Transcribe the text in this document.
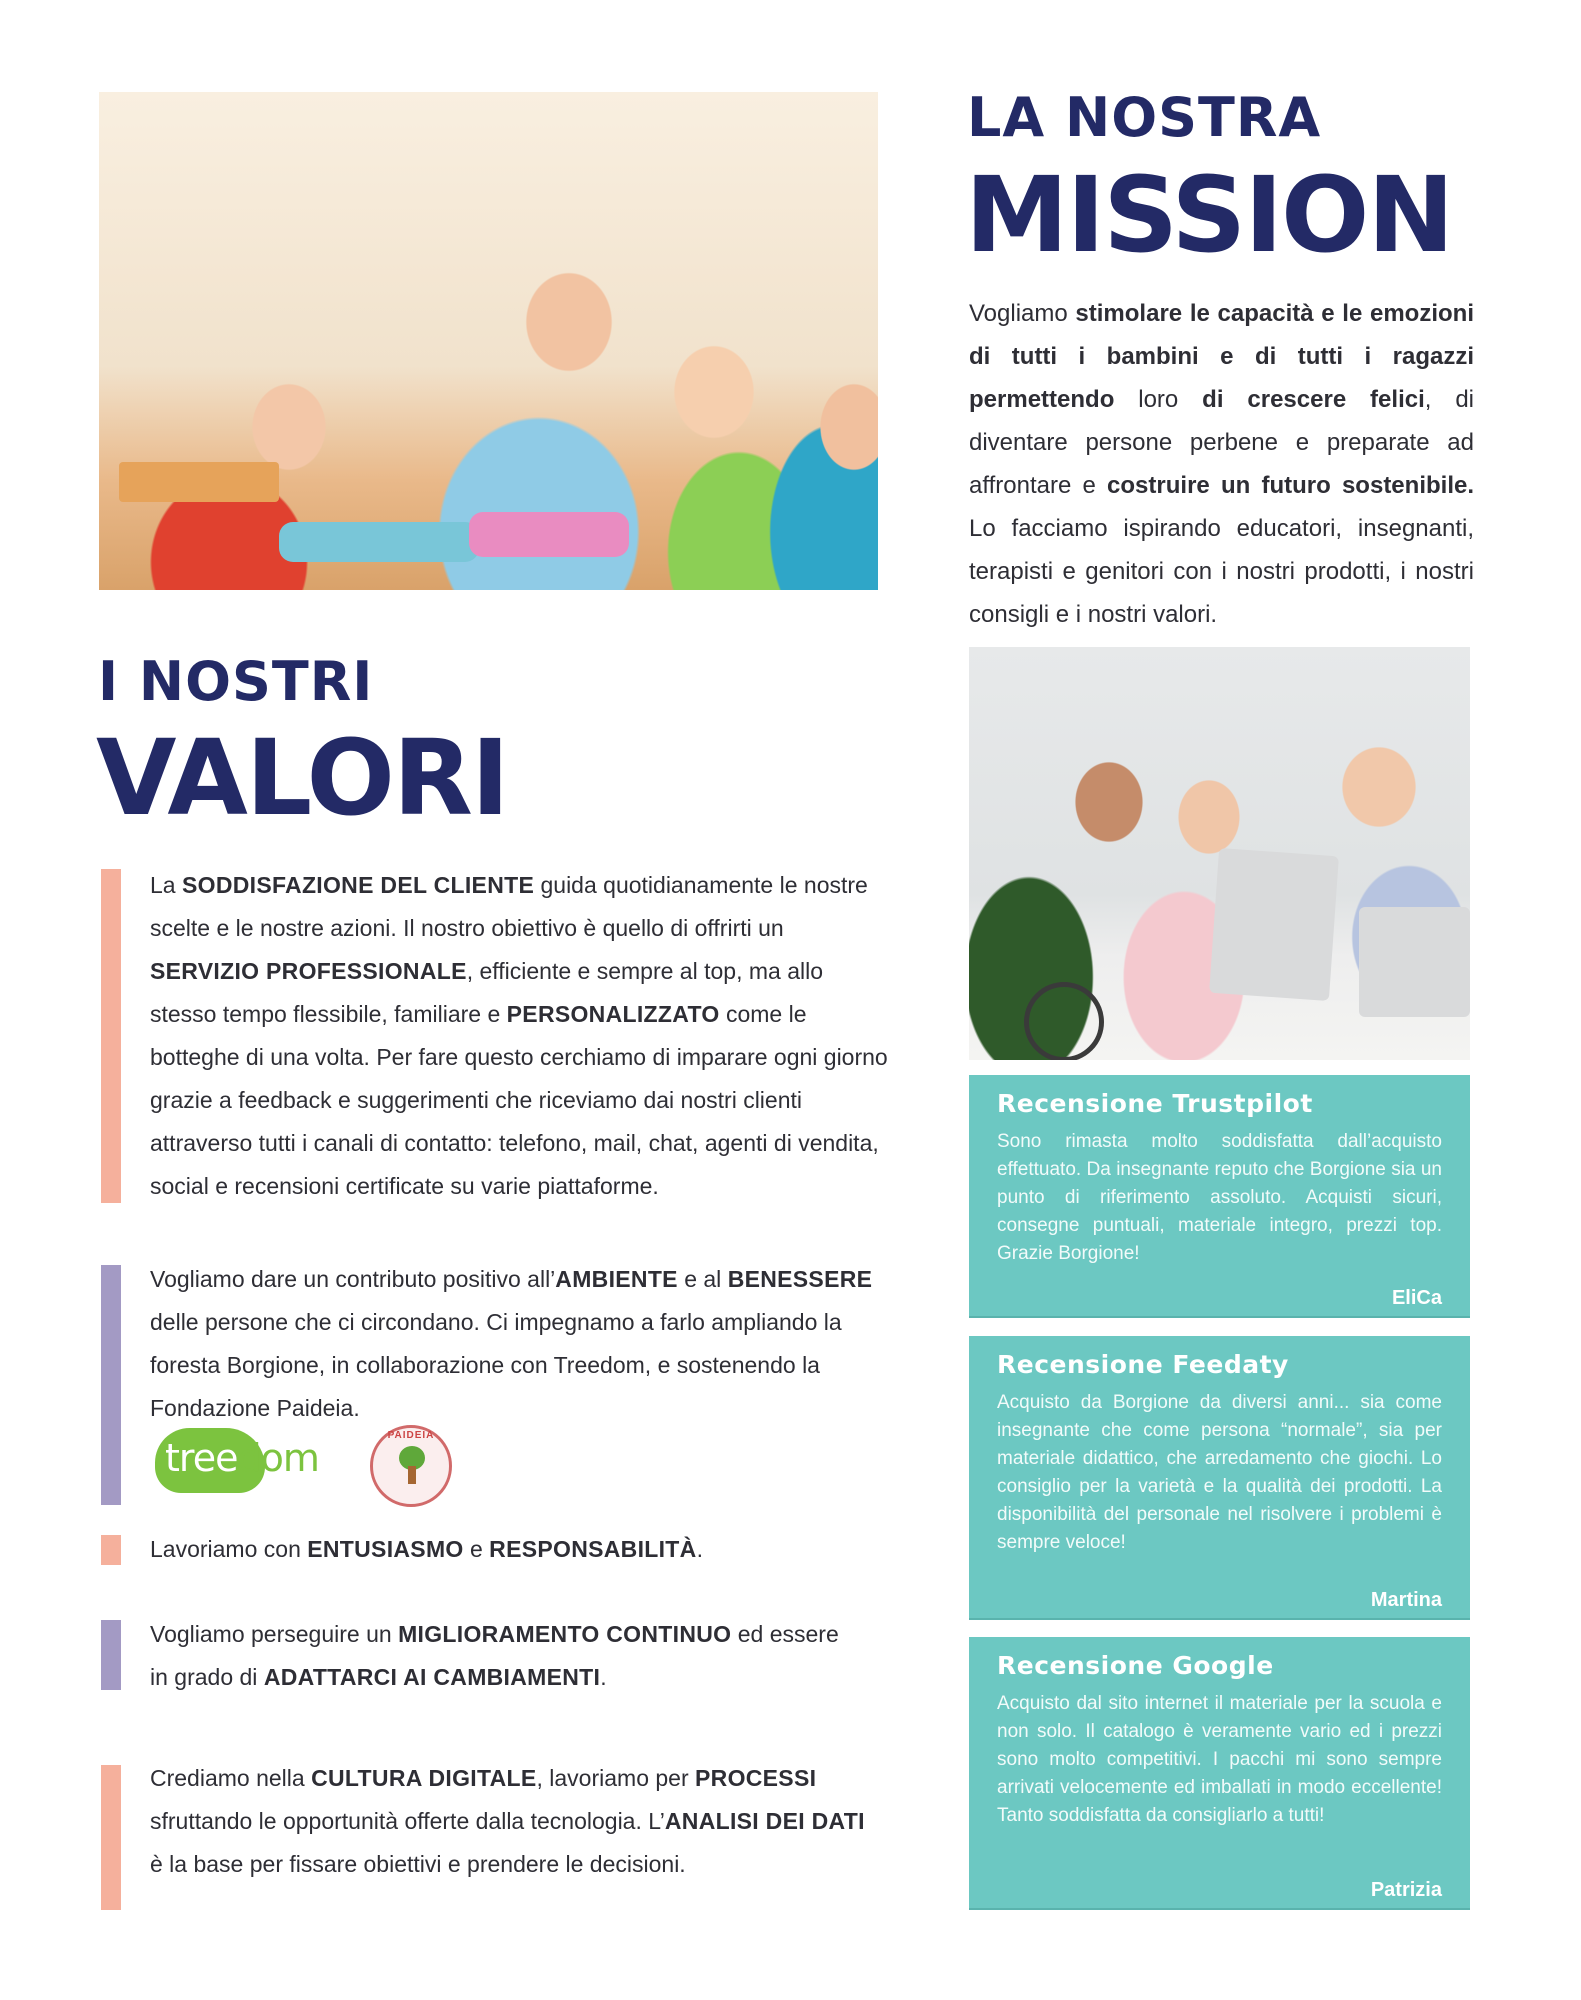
LA NOSTRA
MISSION
Vogliamo stimolare le capacità e le emozioni di tutti i bambini e di tutti i ragazzi permettendo loro di crescere felici, di diventare persone perbene e preparate ad affrontare e costruire un futuro sostenibile. Lo facciamo ispirando educatori, insegnanti, terapisti e genitori con i nostri prodotti, i nostri consigli e i nostri valori.
I NOSTRI
VALORI
La SODDISFAZIONE DEL CLIENTE guida quotidianamente le nostre scelte e le nostre azioni. Il nostro obiettivo è quello di offrirti un SERVIZIO PROFESSIONALE, efficiente e sempre al top, ma allo stesso tempo flessibile, familiare e PERSONALIZZATO come le botteghe di una volta. Per fare questo cerchiamo di imparare ogni giorno grazie a feedback e suggerimenti che riceviamo dai nostri clienti attraverso tutti i canali di contatto: telefono, mail, chat, agenti di vendita, social e recensioni certificate su varie piattaforme.
Vogliamo dare un contributo positivo all’AMBIENTE e al BENESSERE delle persone che ci circondano. Ci impegnamo a farlo ampliando la foresta Borgione, in collaborazione con Treedom, e sostenendo la Fondazione Paideia.
treedom
PAIDEIA
Lavoriamo con ENTUSIASMO e RESPONSABILITÀ.
Vogliamo perseguire un MIGLIORAMENTO CONTINUO ed essere in grado di ADATTARCI AI CAMBIAMENTI.
Crediamo nella CULTURA DIGITALE, lavoriamo per PROCESSI sfruttando le opportunità offerte dalla tecnologia. L’ANALISI DEI DATI è la base per fissare obiettivi e prendere le decisioni.
Recensione Trustpilot
Sono rimasta molto soddisfatta dall’acquisto effettuato. Da insegnante reputo che Borgione sia un punto di riferimento assoluto. Acquisti sicuri, consegne puntuali, materiale integro, prezzi top. Grazie Borgione!
EliCa
Recensione Feedaty
Acquisto da Borgione da diversi anni... sia come insegnante che come persona “normale”, sia per materiale didattico, che arredamento che giochi. Lo consiglio per la varietà e la qualità dei prodotti. La disponibilità del personale nel risolvere i problemi è sempre veloce!
Martina
Recensione Google
Acquisto dal sito internet il materiale per la scuola e non solo. Il catalogo è veramente vario ed i prezzi sono molto competitivi. I pacchi mi sono sempre arrivati velocemente ed imballati in modo eccellente! Tanto soddisfatta da consigliarlo a tutti!
Patrizia
